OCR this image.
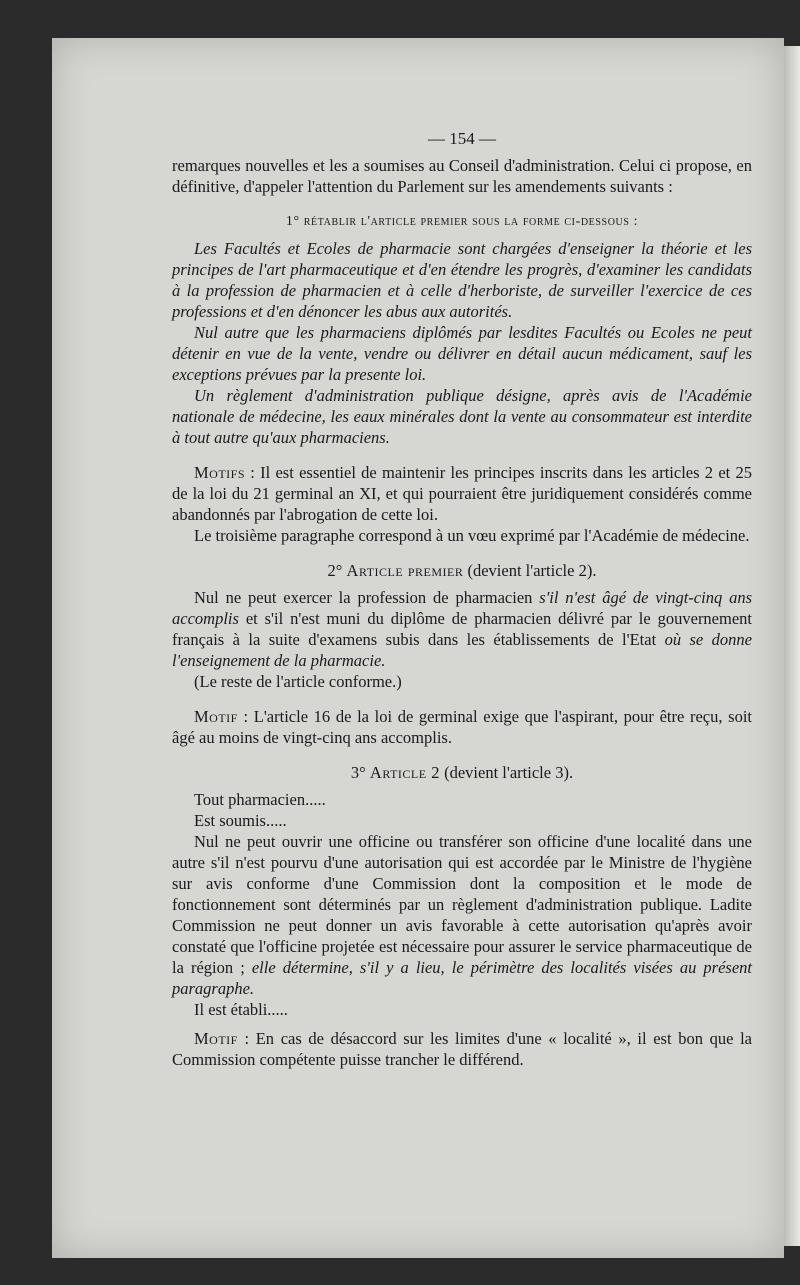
— 154 —

remarques nouvelles et les a soumises au Conseil d'administration. Celui ci propose, en définitive, d'appeler l'attention du Parlement sur les amendements suivants :

1° rétablir l'article premier sous la forme ci-dessous :

Les Facultés et Ecoles de pharmacie sont chargées d'enseigner la théorie et les principes de l'art pharmaceutique et d'en étendre les progrès, d'examiner les candidats à la profession de pharmacien et à celle d'herboriste, de surveiller l'exercice de ces professions et d'en dénoncer les abus aux autorités.

Nul autre que les pharmaciens diplômés par lesdites Facultés ou Ecoles ne peut détenir en vue de la vente, vendre ou délivrer en détail aucun médicament, sauf les exceptions prévues par la presente loi.

Un règlement d'administration publique désigne, après avis de l'Académie nationale de médecine, les eaux minérales dont la vente au consommateur est interdite à tout autre qu'aux pharmaciens.

Motifs : Il est essentiel de maintenir les principes inscrits dans les articles 2 et 25 de la loi du 21 germinal an XI, et qui pourraient être juridiquement considérés comme abandonnés par l'abrogation de cette loi.

Le troisième paragraphe correspond à un vœu exprimé par l'Académie de médecine.

2° Article premier (devient l'article 2).

Nul ne peut exercer la profession de pharmacien s'il n'est âgé de vingt-cinq ans accomplis et s'il n'est muni du diplôme de pharmacien délivré par le gouvernement français à la suite d'examens subis dans les établissements de l'Etat où se donne l'enseignement de la pharmacie.

(Le reste de l'article conforme.)

Motif : L'article 16 de la loi de germinal exige que l'aspirant, pour être reçu, soit âgé au moins de vingt-cinq ans accomplis.

3° Article 2 (devient l'article 3).

Tout pharmacien.....

Est soumis.....

Nul ne peut ouvrir une officine ou transférer son officine d'une localité dans une autre s'il n'est pourvu d'une autorisation qui est accordée par le Ministre de l'hygiène sur avis conforme d'une Commission dont la composition et le mode de fonctionnement sont déterminés par un règlement d'administration publique. Ladite Commission ne peut donner un avis favorable à cette autorisation qu'après avoir constaté que l'officine projetée est nécessaire pour assurer le service pharmaceutique de la région ; elle détermine, s'il y a lieu, le périmètre des localités visées au présent paragraphe.

Il est établi.....

Motif : En cas de désaccord sur les limites d'une « localité », il est bon que la Commission compétente puisse trancher le différend.
